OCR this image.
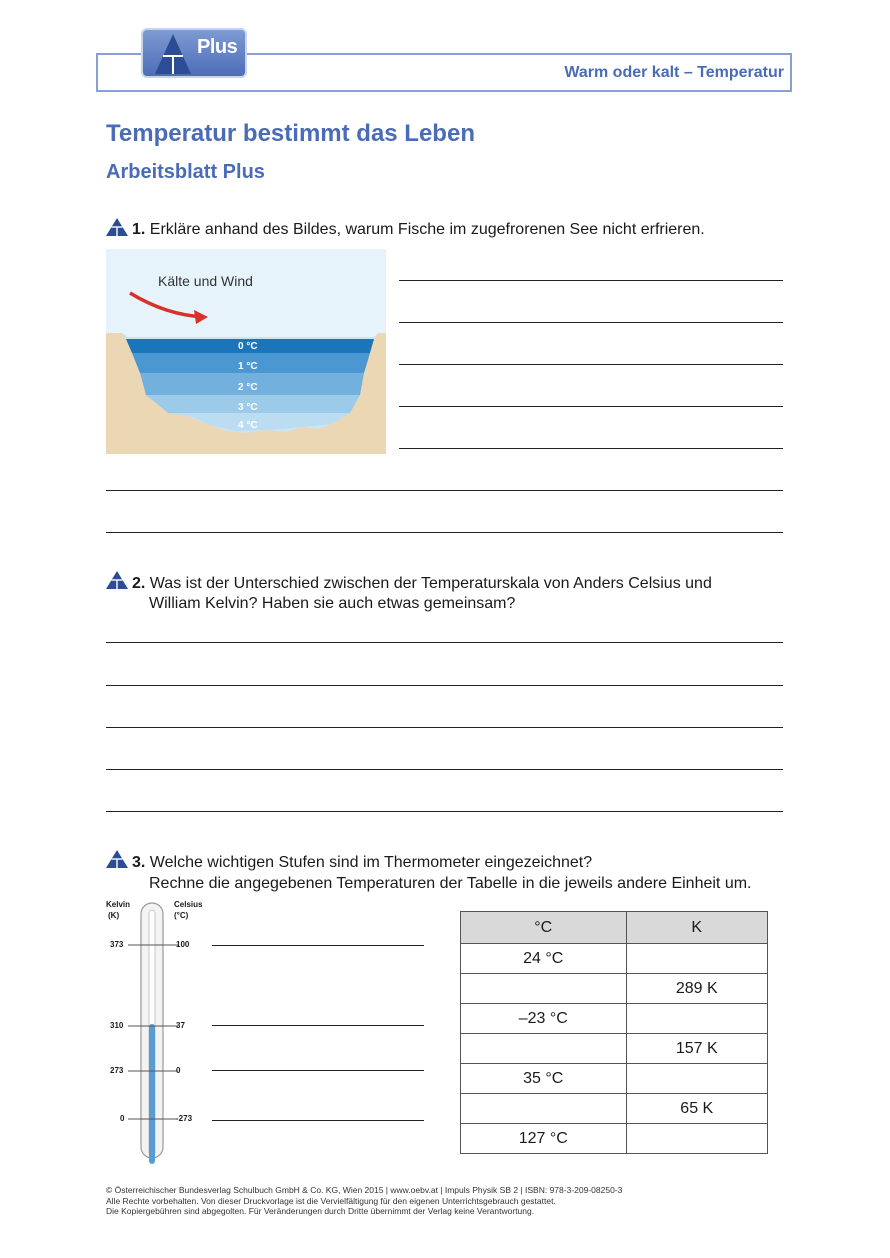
Warm oder kalt – Temperatur
Plus
Temperatur bestimmt das Leben
Arbeitsblatt Plus
1. Erkläre anhand des Bildes, warum Fische im zugefrorenen See nicht erfrieren.
Kälte und Wind
0 °C
1 °C
2 °C
3 °C
4 °C
2. Was ist der Unterschied zwischen der Temperaturskala von Anders Celsius und
William Kelvin? Haben sie auch etwas gemeinsam?
3. Welche wichtigen Stufen sind im Thermometer eingezeichnet?
Rechne die angegebenen Temperaturen der Tabelle in die jeweils andere Einheit um.
Kelvin
(K)
Celsius
(°C)
373	100
310	37
273	0
0	-273
°C	K
24 °C	
	289 K
–23 °C	
	157 K
35 °C	
	65 K
127 °C	
© Österreichischer Bundesverlag Schulbuch GmbH & Co. KG, Wien 2015 | www.oebv.at | Impuls Physik SB 2 | ISBN: 978-3-209-08250-3
Alle Rechte vorbehalten. Von dieser Druckvorlage ist die Vervielfältigung für den eigenen Unterrichtsgebrauch gestattet.
Die Kopiergebühren sind abgegolten. Für Veränderungen durch Dritte übernimmt der Verlag keine Verantwortung.
